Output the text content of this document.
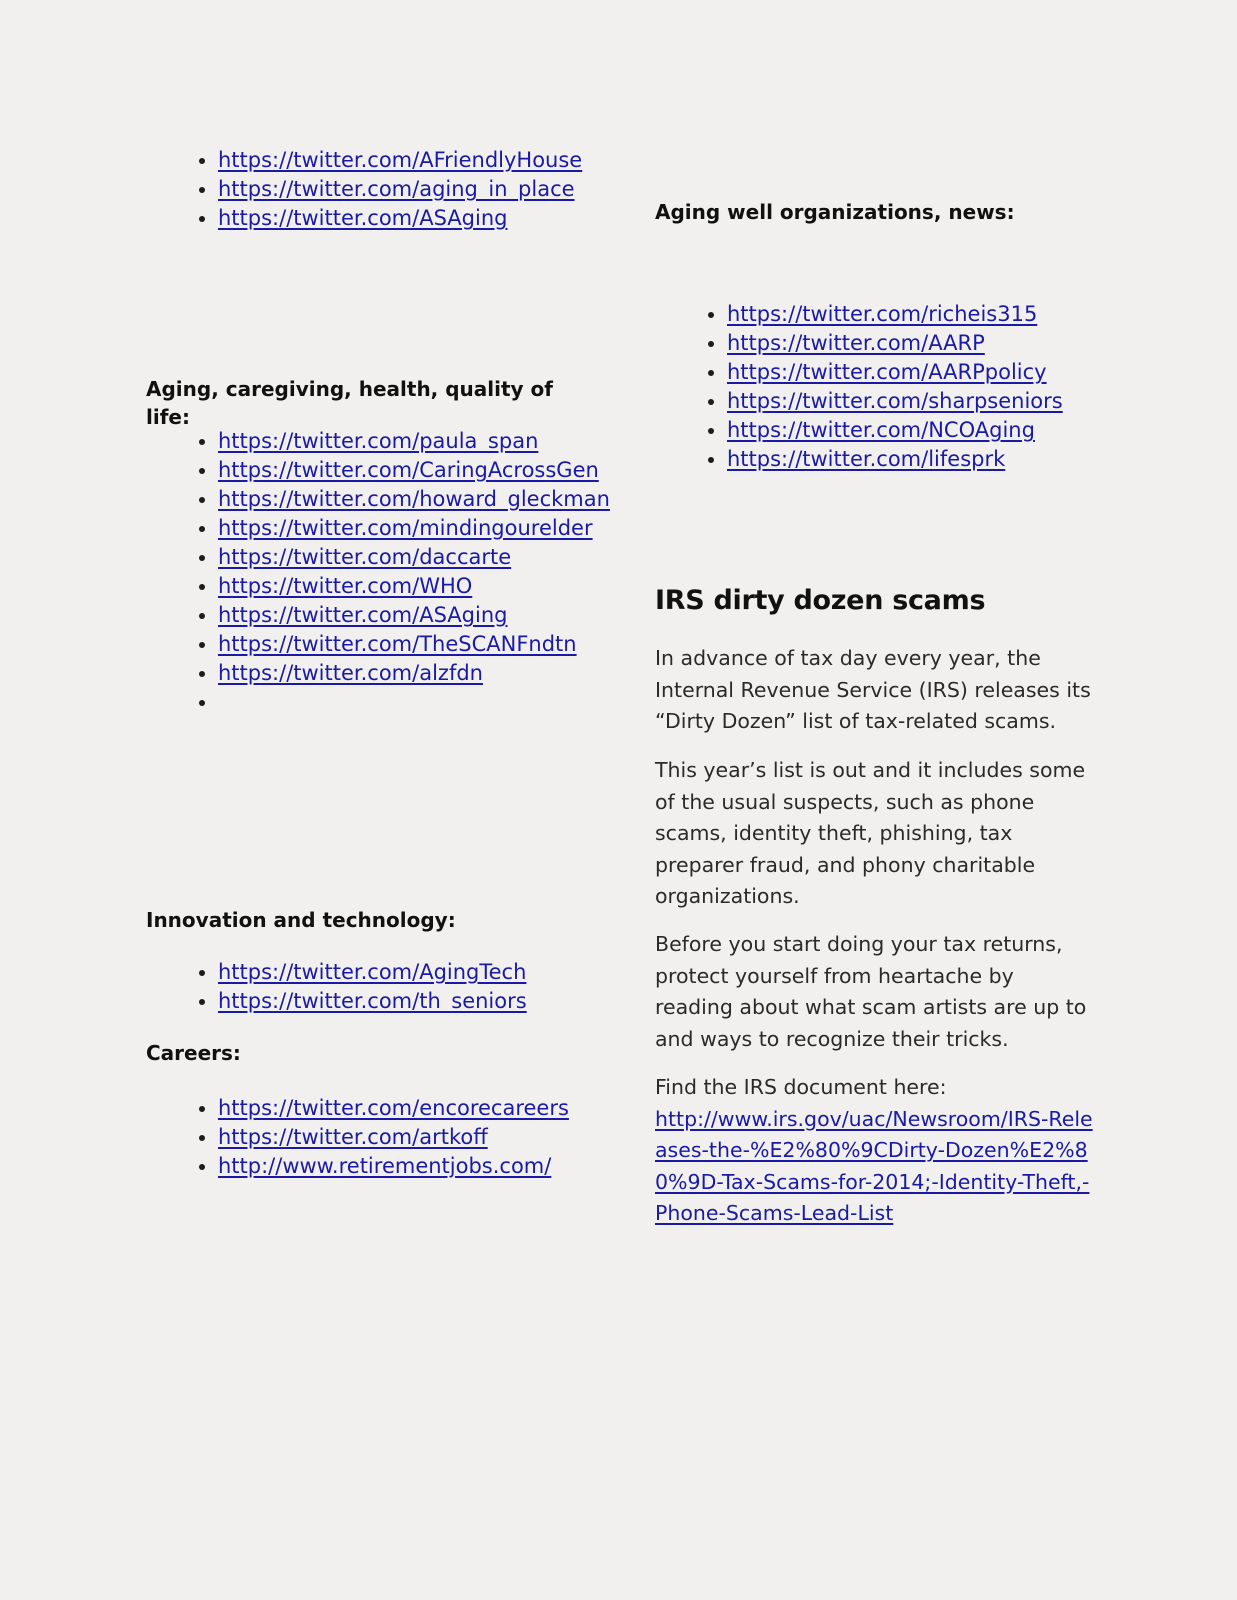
• https://twitter.com/AFriendlyHouse
• https://twitter.com/aging_in_place
• https://twitter.com/ASAging
Aging, caregiving, health, quality of life:
• https://twitter.com/paula_span
• https://twitter.com/CaringAcrossGen
• https://twitter.com/howard_gleckman
• https://twitter.com/mindingourelder
• https://twitter.com/daccarte
• https://twitter.com/WHO
• https://twitter.com/ASAging
• https://twitter.com/TheSCANFndtn
• https://twitter.com/alzfdn
•
Innovation and technology:
• https://twitter.com/AgingTech
• https://twitter.com/th_seniors
Careers:
• https://twitter.com/encorecareers
• https://twitter.com/artkoff
• http://www.retirementjobs.com/
Aging well organizations, news:
• https://twitter.com/richeis315
• https://twitter.com/AARP
• https://twitter.com/AARPpolicy
• https://twitter.com/sharpseniors
• https://twitter.com/NCOAging
• https://twitter.com/lifesprk
IRS dirty dozen scams

In advance of tax day every year, the Internal Revenue Service (IRS) releases its “Dirty Dozen” list of tax-related scams.

This year’s list is out and it includes some of the usual suspects, such as phone scams, identity theft, phishing, tax preparer fraud, and phony charitable organizations.

Before you start doing your tax returns, protect yourself from heartache by reading about what scam artists are up to and ways to recognize their tricks.

Find the IRS document here:
http://www.irs.gov/uac/Newsroom/IRS-Releases-the-%E2%80%9CDirty-Dozen%E2%80%9D-Tax-Scams-for-2014;-Identity-Theft,-Phone-Scams-Lead-List
